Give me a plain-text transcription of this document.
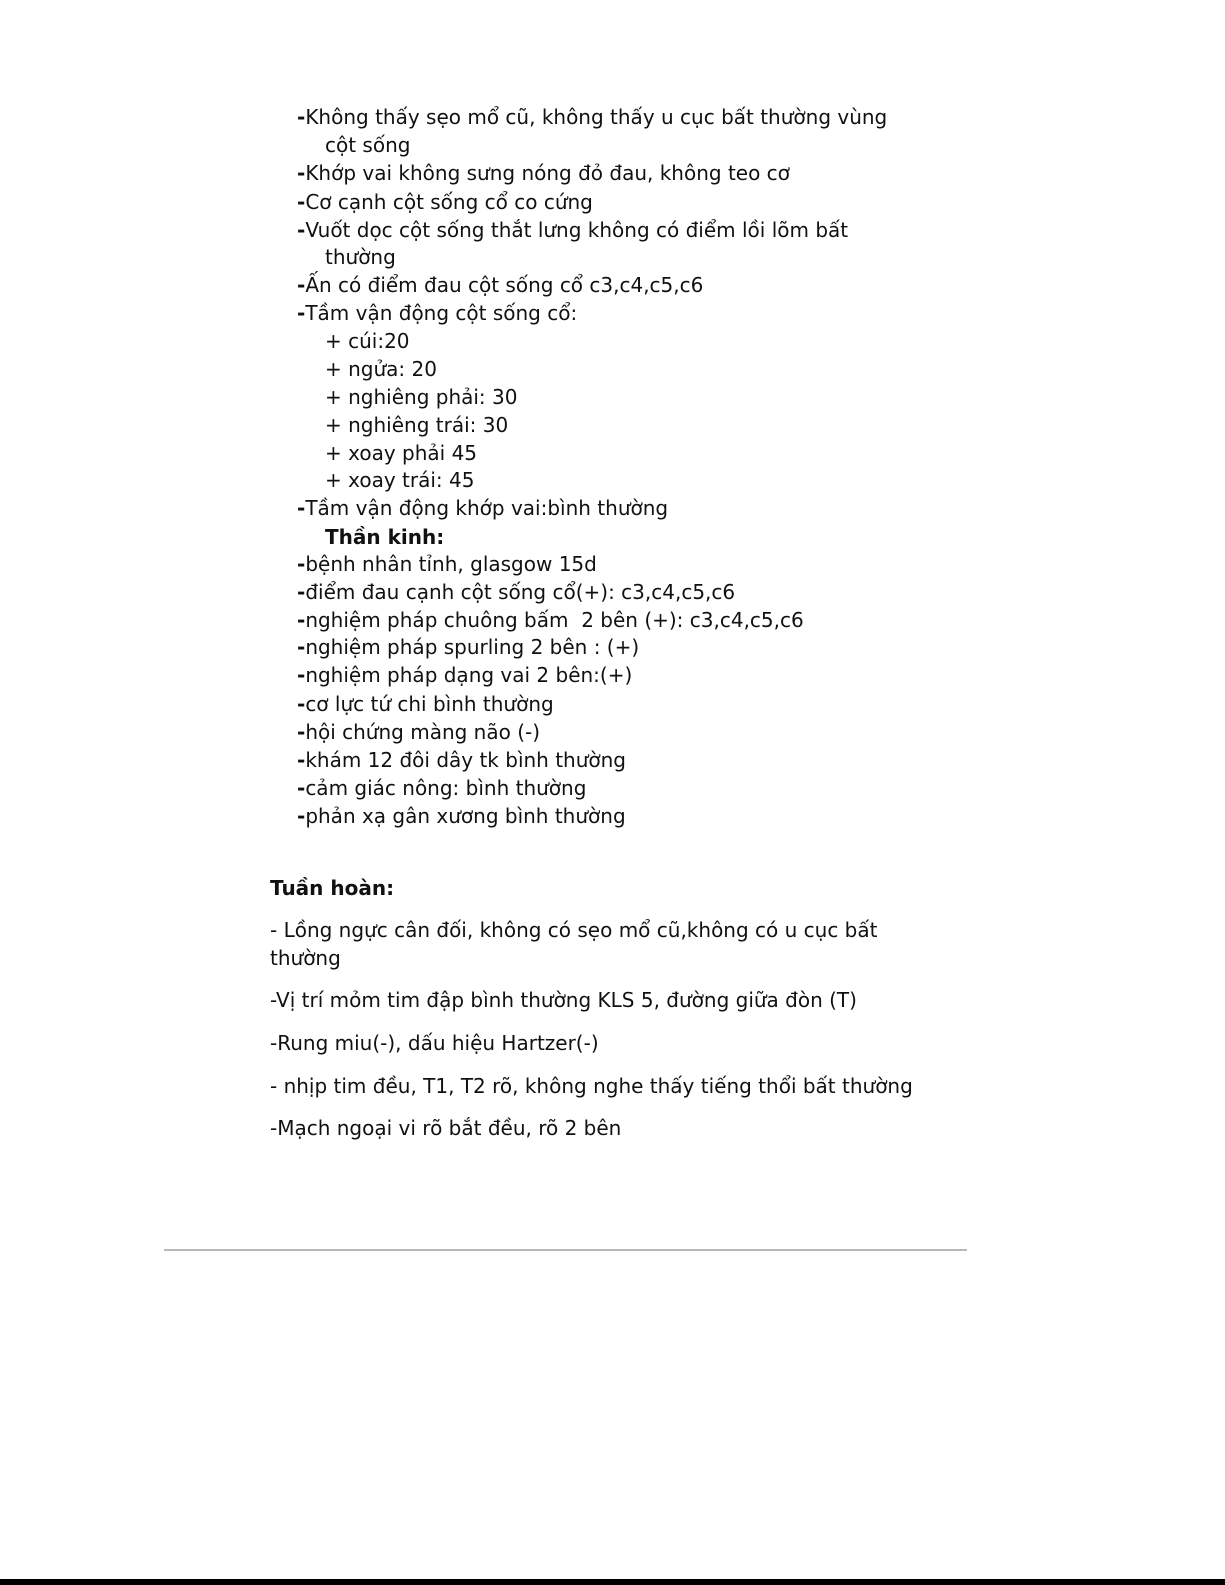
-Không thấy sẹo mổ cũ, không thấy u cục bất thường vùng
cột sống
-Khớp vai không sưng nóng đỏ đau, không teo cơ
-Cơ cạnh cột sống cổ co cứng
-Vuốt dọc cột sống thắt lưng không có điểm lồi lõm bất
thường
-Ấn có điểm đau cột sống cổ c3,c4,c5,c6
-Tầm vận động cột sống cổ:
+ cúi:20
+ ngửa: 20
+ nghiêng phải: 30
+ nghiêng trái: 30
+ xoay phải 45
+ xoay trái: 45
-Tầm vận động khớp vai:bình thường
Thần kinh:
-bệnh nhân tỉnh, glasgow 15d
-điểm đau cạnh cột sống cổ(+): c3,c4,c5,c6
-nghiệm pháp chuông bấm  2 bên (+): c3,c4,c5,c6
-nghiệm pháp spurling 2 bên : (+)
-nghiệm pháp dạng vai 2 bên:(+)
-cơ lực tứ chi bình thường
-hội chứng màng não (-)
-khám 12 đôi dây tk bình thường
-cảm giác nông: bình thường
-phản xạ gân xương bình thường
Tuần hoàn:
- Lồng ngực cân đối, không có sẹo mổ cũ,không có u cục bất
thường
-Vị trí mỏm tim đập bình thường KLS 5, đường giữa đòn (T)
-Rung miu(-), dấu hiệu Hartzer(-)
- nhịp tim đều, T1, T2 rõ, không nghe thấy tiếng thổi bất thường
-Mạch ngoại vi rõ bắt đều, rõ 2 bên
